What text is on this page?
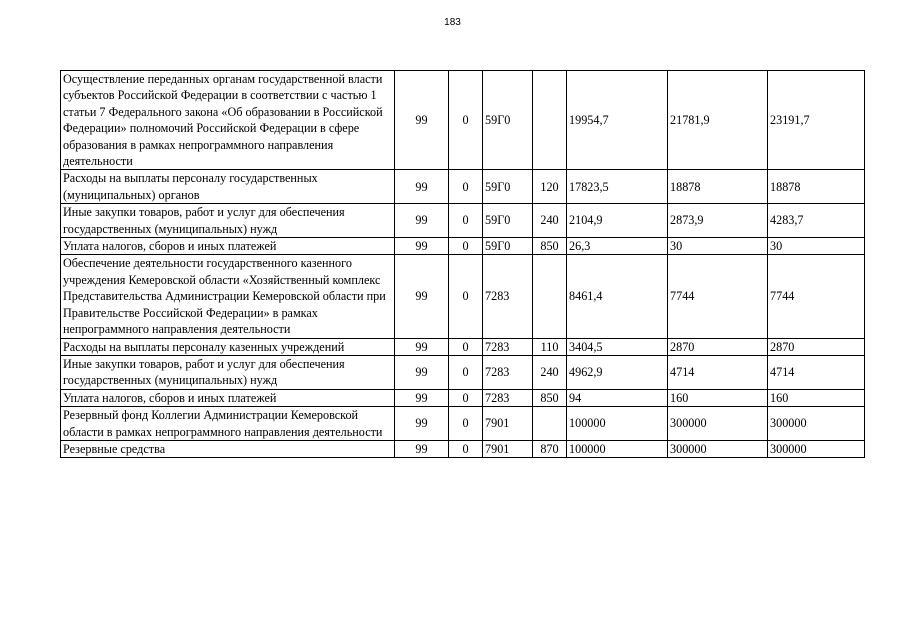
183
Осуществление переданных органам государственной власти субъектов Российской Федерации в соответствии с частью 1 статьи 7 Федерального закона «Об образовании в Российской Федерации» полномочий Российской Федерации в сфере образования в рамках непрограммного направления деятельности	99	0	59Г0		19954,7	21781,9	23191,7
Расходы на выплаты персоналу государственных (муниципальных) органов	99	0	59Г0	120	17823,5	18878	18878
Иные закупки товаров, работ и услуг для обеспечения государственных (муниципальных) нужд	99	0	59Г0	240	2104,9	2873,9	4283,7
Уплата налогов, сборов и иных платежей	99	0	59Г0	850	26,3	30	30
Обеспечение деятельности государственного казенного учреждения Кемеровской области «Хозяйственный комплекс Представительства Администрации Кемеровской области при Правительстве Российской Федерации» в рамках непрограммного направления деятельности	99	0	7283		8461,4	7744	7744
Расходы на выплаты персоналу казенных учреждений	99	0	7283	110	3404,5	2870	2870
Иные закупки товаров, работ и услуг для обеспечения государственных (муниципальных) нужд	99	0	7283	240	4962,9	4714	4714
Уплата налогов, сборов и иных платежей	99	0	7283	850	94	160	160
Резервный фонд Коллегии Администрации Кемеровской области в рамках непрограммного направления деятельности	99	0	7901		100000	300000	300000
Резервные средства	99	0	7901	870	100000	300000	300000
